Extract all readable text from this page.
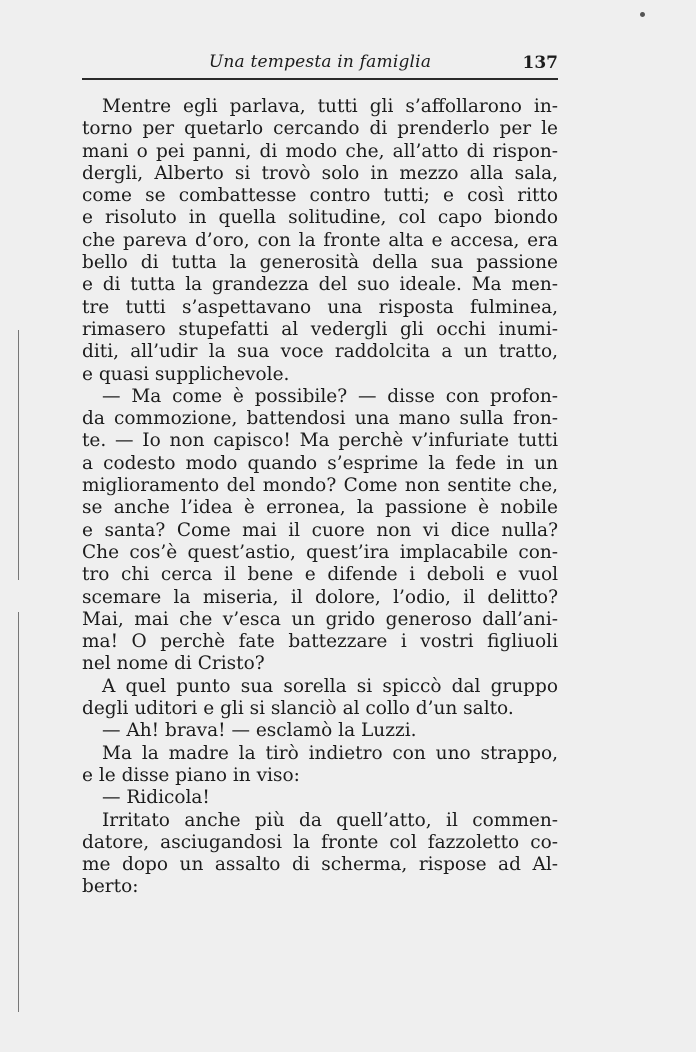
Una tempesta in famiglia	137
Mentre egli parlava, tutti gli s’affollarono in-
torno per quetarlo cercando di prenderlo per le
mani o pei panni, di modo che, all’atto di rispon-
dergli, Alberto si trovò solo in mezzo alla sala,
come se combattesse contro tutti; e così ritto
e risoluto in quella solitudine, col capo biondo
che pareva d’oro, con la fronte alta e accesa, era
bello di tutta la generosità della sua passione
e di tutta la grandezza del suo ideale. Ma men-
tre tutti s’aspettavano una risposta fulminea,
rimasero stupefatti al vedergli gli occhi inumi-
diti, all’udir la sua voce raddolcita a un tratto,
e quasi supplichevole.
— Ma come è possibile? — disse con profon-
da commozione, battendosi una mano sulla fron-
te. — Io non capisco! Ma perchè v’infuriate tutti
a codesto modo quando s’esprime la fede in un
miglioramento del mondo? Come non sentite che,
se anche l’idea è erronea, la passione è nobile
e santa? Come mai il cuore non vi dice nulla?
Che cos’è quest’astio, quest’ira implacabile con-
tro chi cerca il bene e difende i deboli e vuol
scemare la miseria, il dolore, l’odio, il delitto?
Mai, mai che v’esca un grido generoso dall’ani-
ma! O perchè fate battezzare i vostri figliuoli
nel nome di Cristo?
A quel punto sua sorella si spiccò dal gruppo
degli uditori e gli si slanciò al collo d’un salto.
— Ah! brava! — esclamò la Luzzi.
Ma la madre la tirò indietro con uno strappo,
e le disse piano in viso:
— Ridicola!
Irritato anche più da quell’atto, il commen-
datore, asciugandosi la fronte col fazzoletto co-
me dopo un assalto di scherma, rispose ad Al-
berto:
